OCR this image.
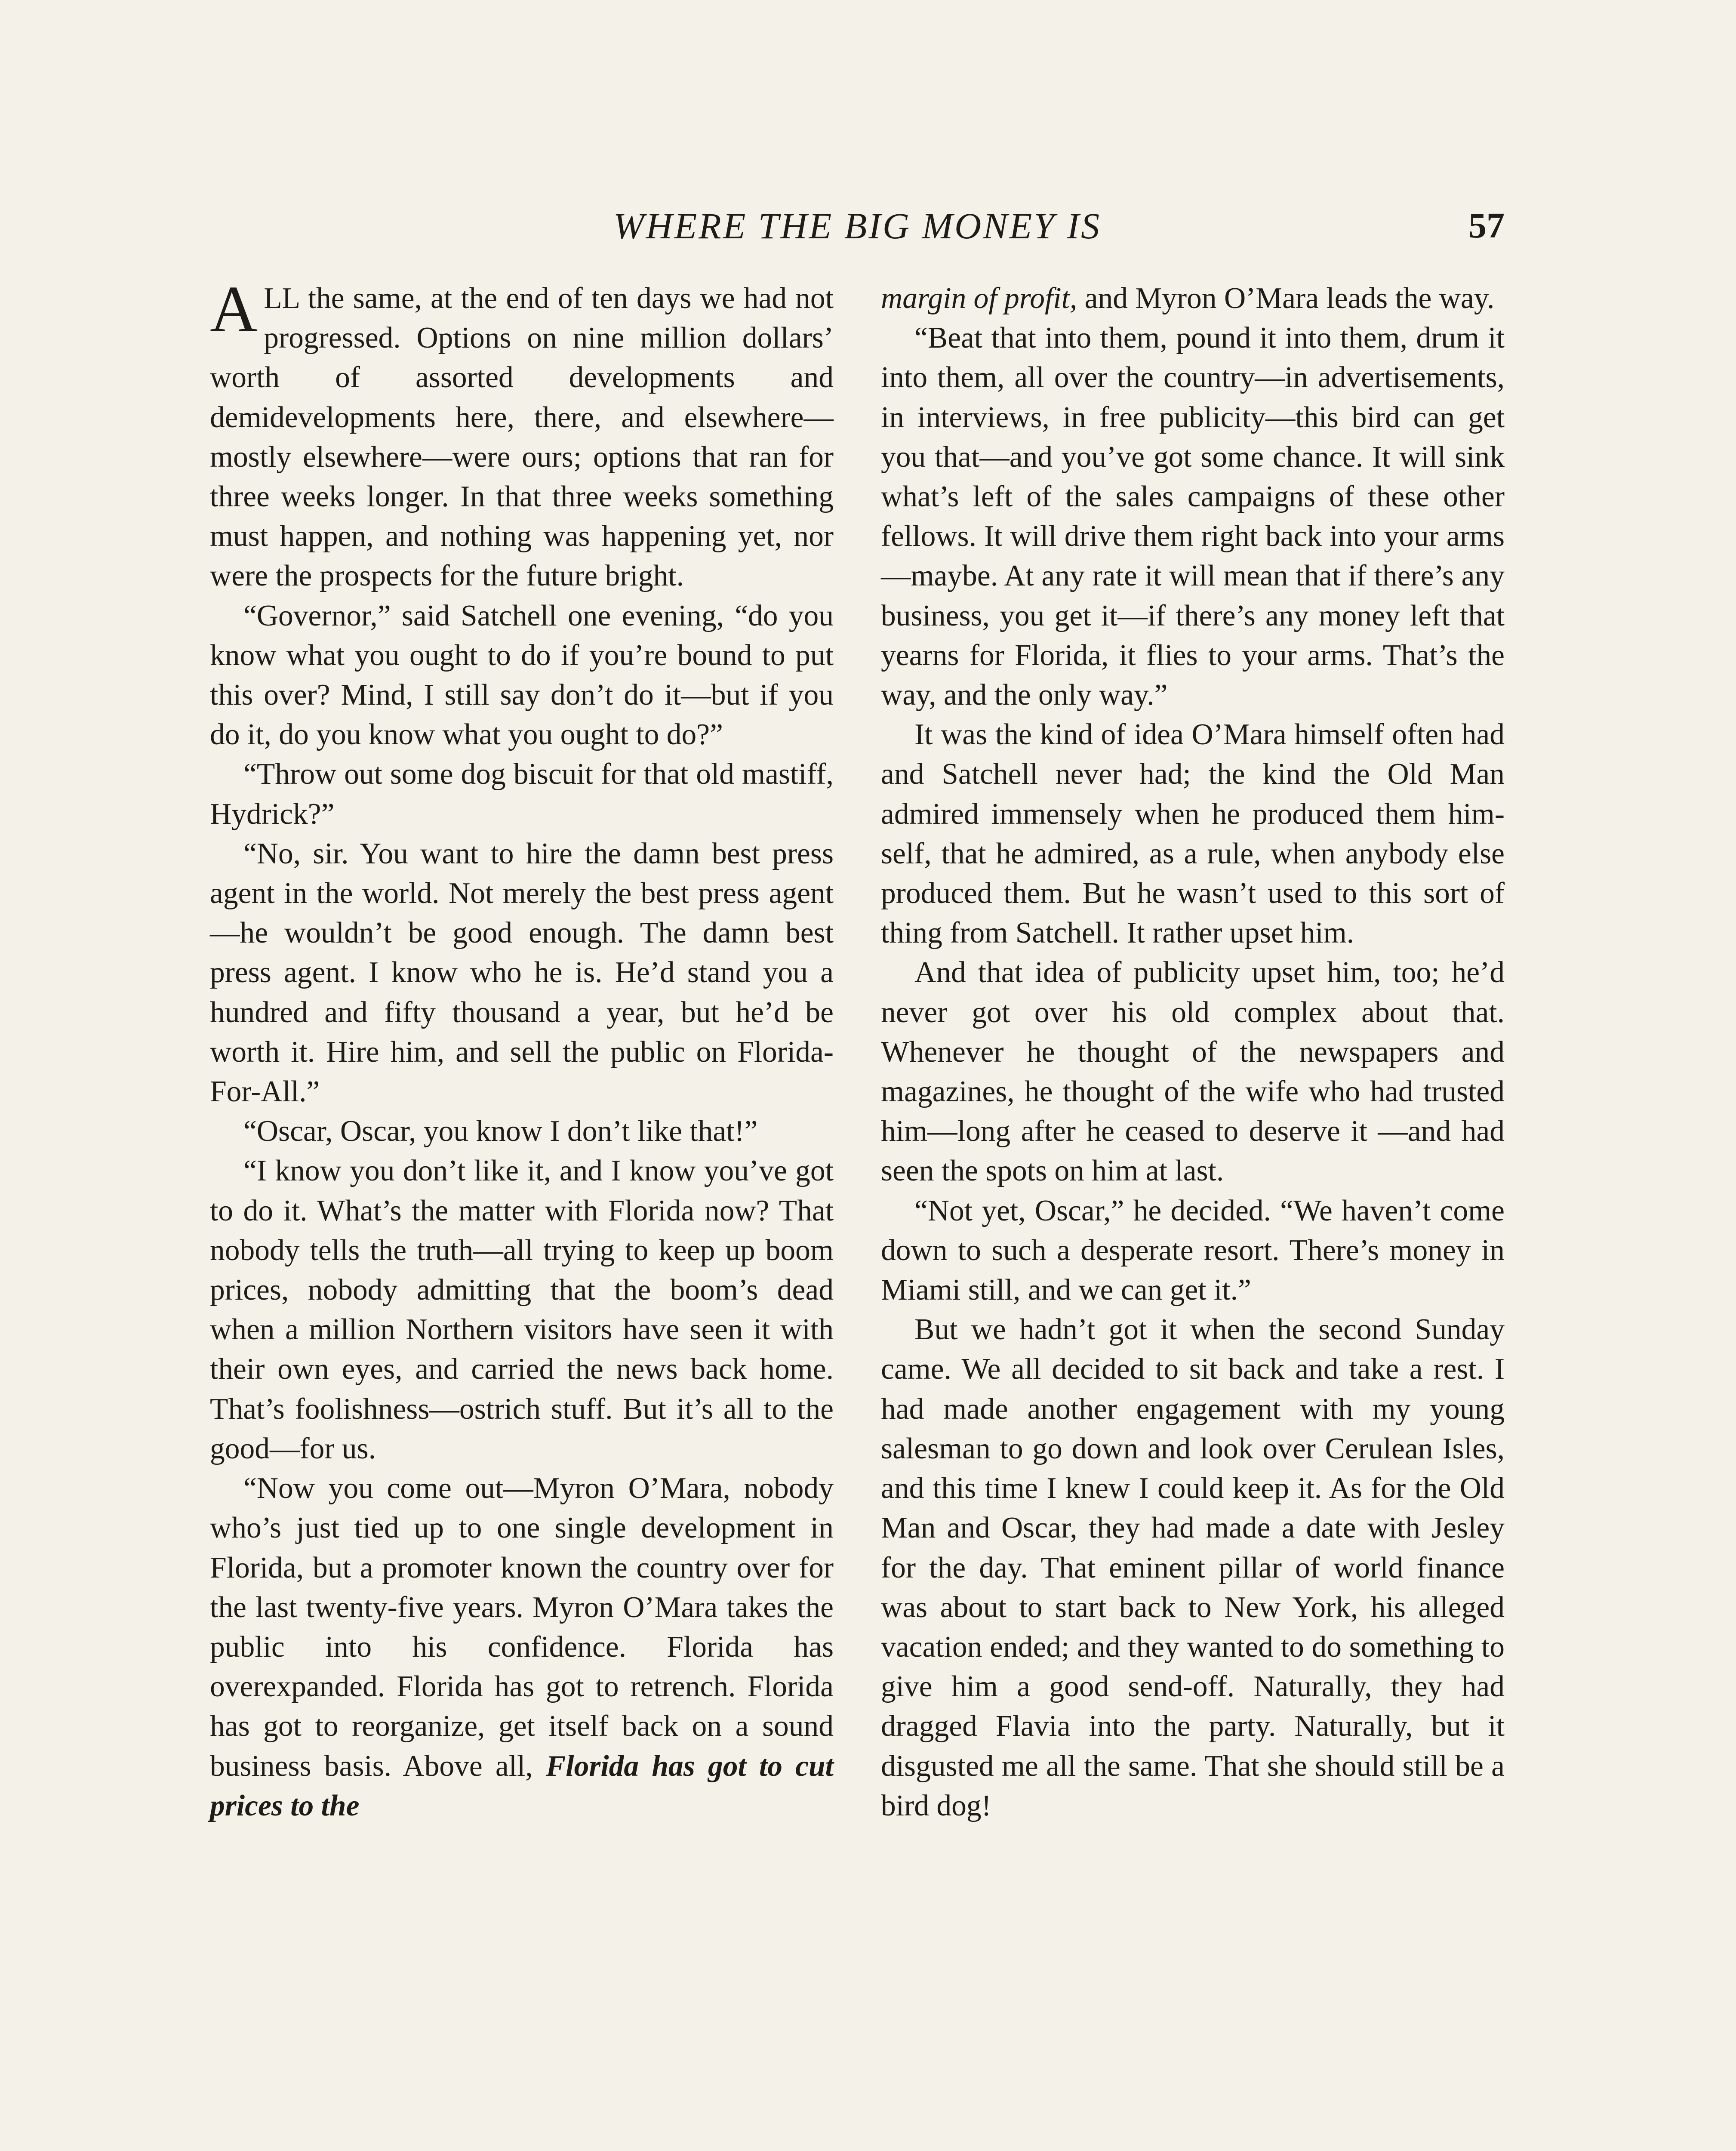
WHERE THE BIG MONEY IS	57

ALL the same, at the end of ten days we had not progressed. Options on nine million dollars’ worth of assorted developments and demidevelopments here, there, and elsewhere—mostly elsewhere—were ours; options that ran for three weeks longer. In that three weeks something must happen, and nothing was happening yet, nor were the prospects for the future bright.

“Governor,” said Satchell one evening, “do you know what you ought to do if you’re bound to put this over? Mind, I still say don’t do it—but if you do it, do you know what you ought to do?”

“Throw out some dog biscuit for that old mastiff, Hydrick?”

“No, sir. You want to hire the damn best press agent in the world. Not merely the best press agent—he wouldn’t be good enough. The damn best press agent. I know who he is. He’d stand you a hundred and fifty thousand a year, but he’d be worth it. Hire him, and sell the public on Florida-For-All.”

“Oscar, Oscar, you know I don’t like that!”

“I know you don’t like it, and I know you’ve got to do it. What’s the matter with Florida now? That nobody tells the truth—all trying to keep up boom prices, nobody admitting that the boom’s dead when a million Northern visitors have seen it with their own eyes, and carried the news back home. That’s foolishness—ostrich stuff. But it’s all to the good—for us.

“Now you come out—Myron O’Mara, nobody who’s just tied up to one single development in Florida, but a promoter known the country over for the last twenty-five years. Myron O’Mara takes the public into his confidence. Florida has overexpanded. Florida has got to retrench. Florida has got to reorganize, get itself back on a sound business basis. Above all, Florida has got to cut prices to the

margin of profit, and Myron O’Mara leads the way.

“Beat that into them, pound it into them, drum it into them, all over the country—in advertisements, in interviews, in free publicity—this bird can get you that—and you’ve got some chance. It will sink what’s left of the sales campaigns of these other fellows. It will drive them right back into your arms—maybe. At any rate it will mean that if there’s any business, you get it—if there’s any money left that yearns for Florida, it flies to your arms. That’s the way, and the only way.”

It was the kind of idea O’Mara himself often had and Satchell never had; the kind the Old Man admired immensely when he produced them himself, that he admired, as a rule, when anybody else produced them. But he wasn’t used to this sort of thing from Satchell. It rather upset him.

And that idea of publicity upset him, too; he’d never got over his old complex about that. Whenever he thought of the newspapers and magazines, he thought of the wife who had trusted him—long after he ceased to deserve it —and had seen the spots on him at last.

“Not yet, Oscar,” he decided. “We haven’t come down to such a desperate resort. There’s money in Miami still, and we can get it.”

But we hadn’t got it when the second Sunday came. We all decided to sit back and take a rest. I had made another engagement with my young salesman to go down and look over Cerulean Isles, and this time I knew I could keep it. As for the Old Man and Oscar, they had made a date with Jesley for the day. That eminent pillar of world finance was about to start back to New York, his alleged vacation ended; and they wanted to do something to give him a good send-off. Naturally, they had dragged Flavia into the party. Naturally, but it disgusted me all the same. That she should still be a bird dog!
